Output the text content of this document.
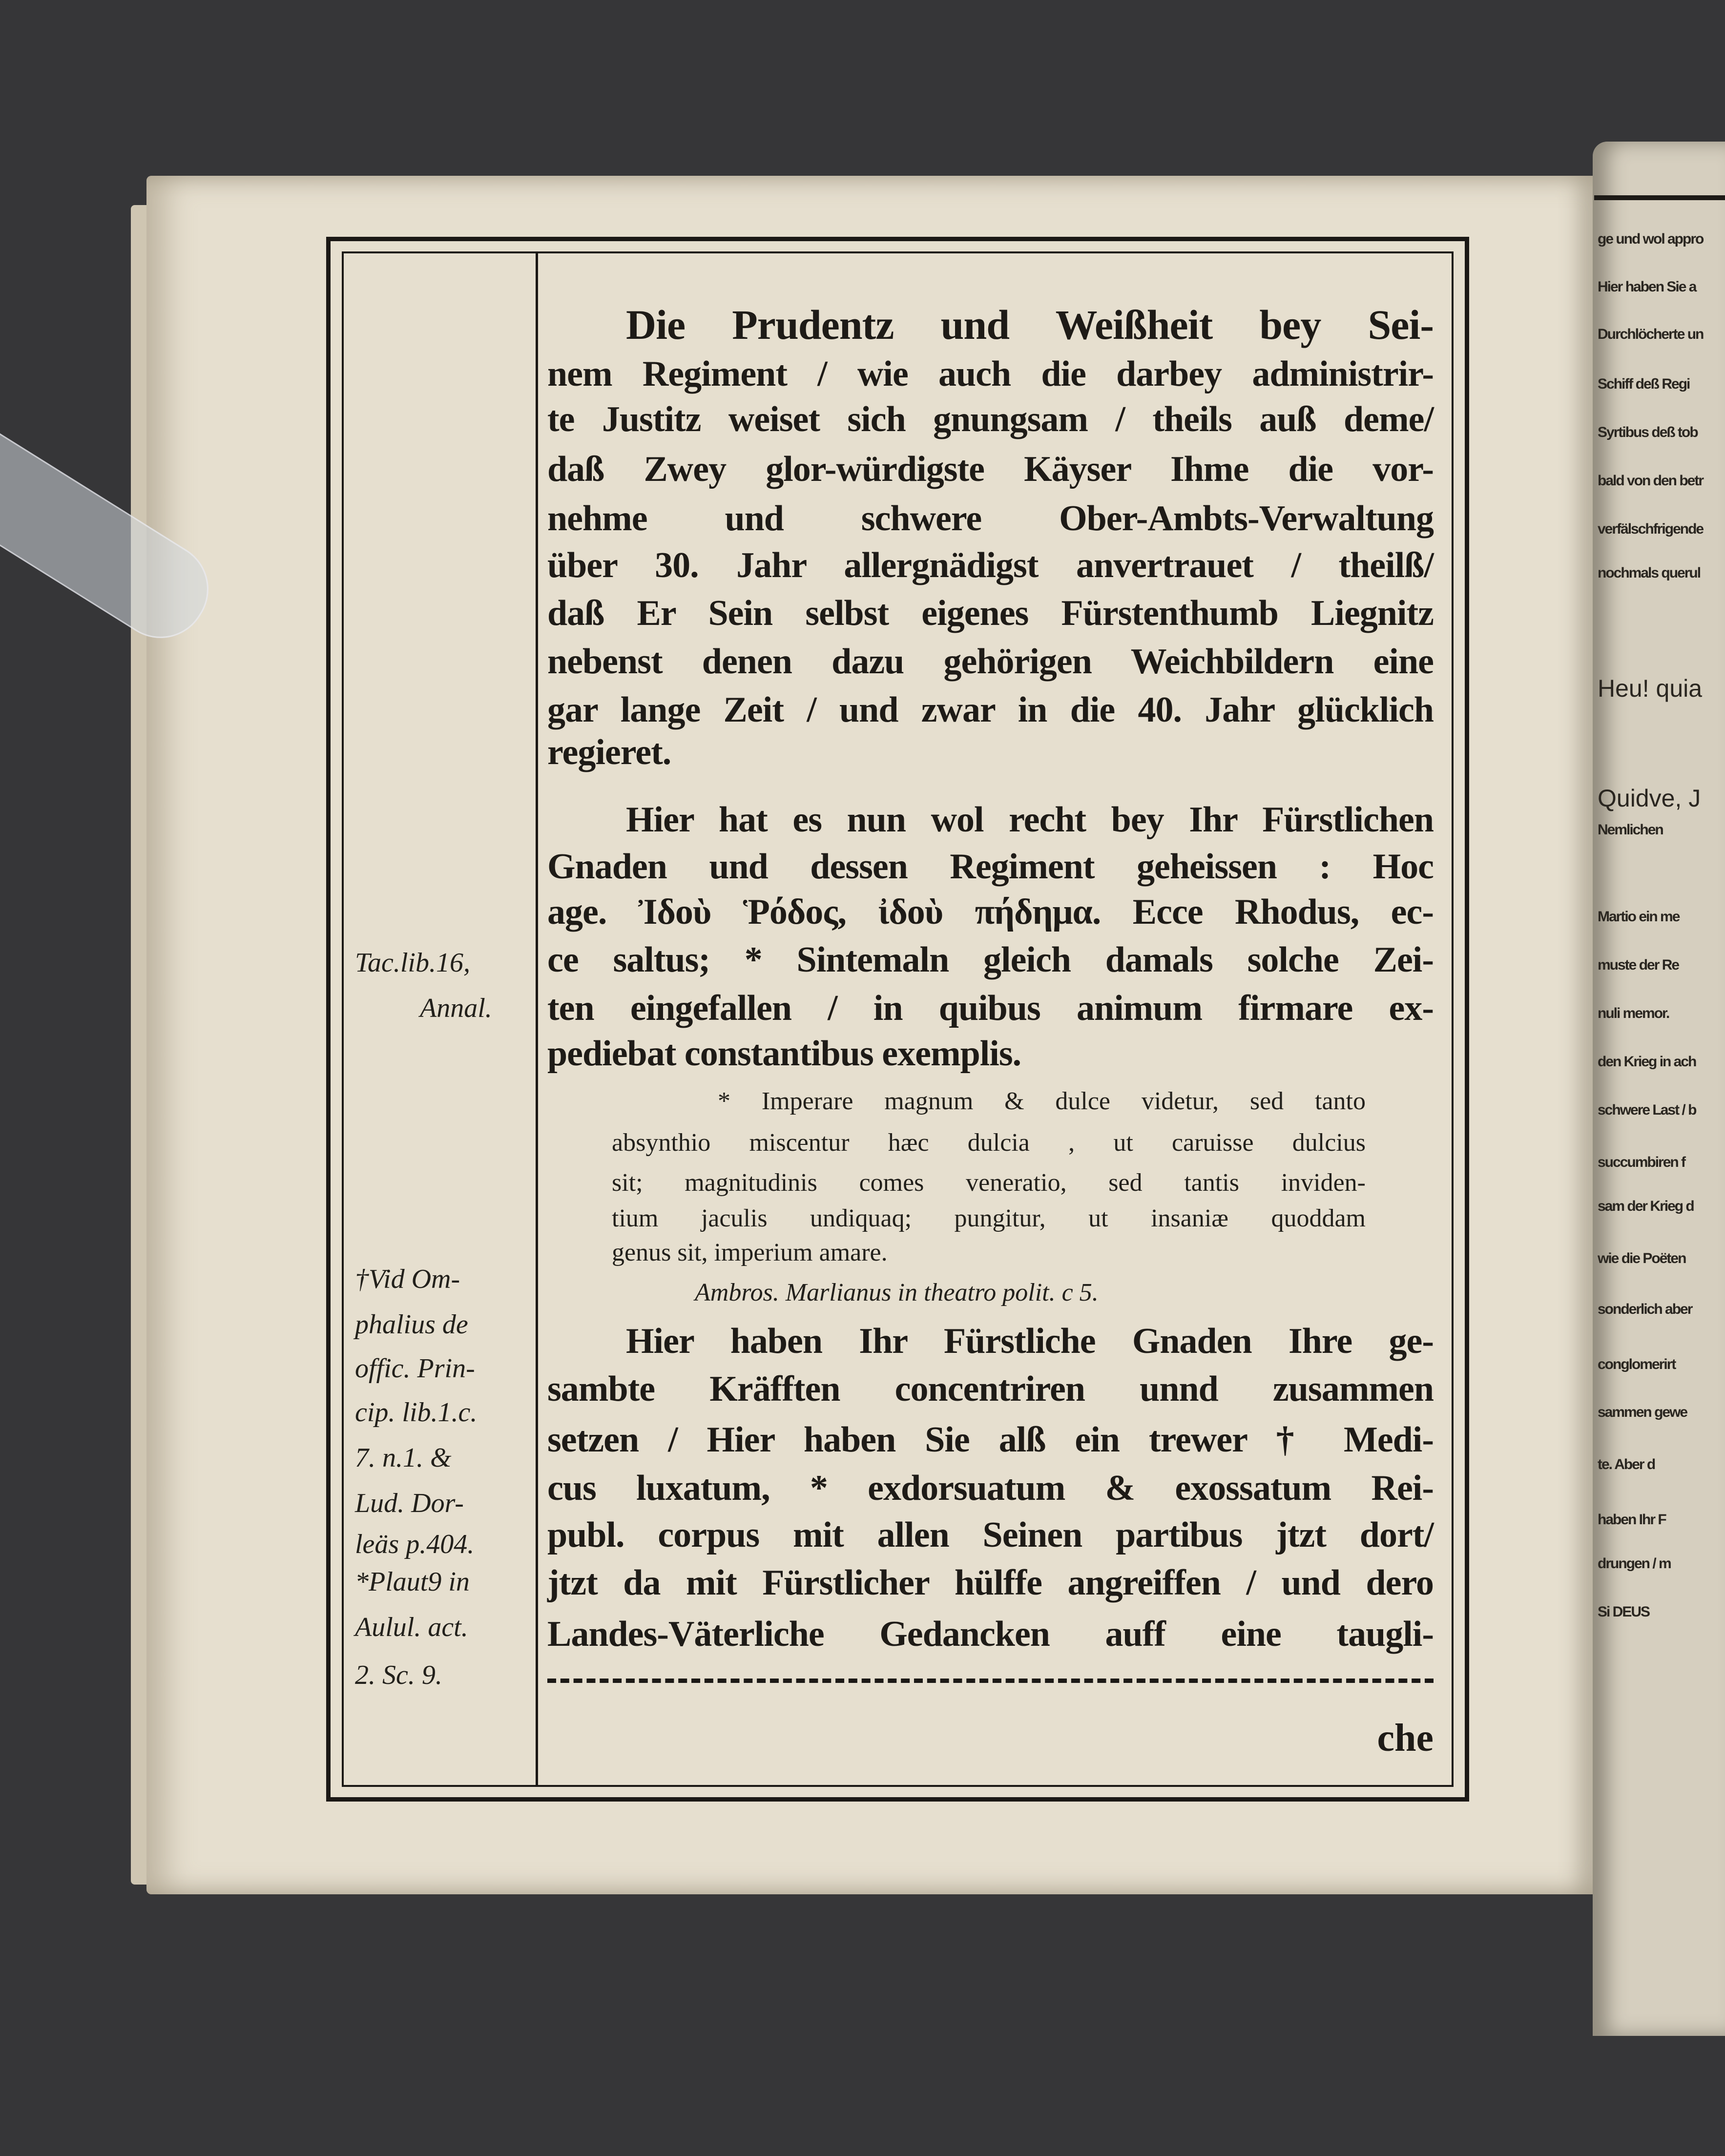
ge und wol appro
Hier haben Sie a
Durchlöcherte un
Schiff deß Regi
Syrtibus deß tob
bald von den betr
verfälschfrigende
nochmals querul
Heu! quia
Quidve, J
Nemlichen
Martio ein me
muste der Re
nuli memor.
den Krieg in ach
schwere Last / b
succumbiren f
sam der Krieg d
wie die Poëten
sonderlich aber
conglomerirt
sammen gewe
te. Aber d
haben Ihr F
drungen / m
Si DEUS
Die Prudentz und Weißheit bey Sei-
nem Regiment / wie auch die darbey administrir-
te Justitz weiset sich gnungsam / theils auß deme/
daß Zwey glor-würdigste Käyser Ihme die vor-
nehme und schwere Ober-Ambts-Verwaltung
über 30. Jahr allergnädigst anvertrauet / theilß/
daß Er Sein selbst eigenes Fürstenthumb Liegnitz
nebenst denen dazu gehörigen Weichbildern eine
gar lange Zeit / und zwar in die 40. Jahr glücklich
regieret.
Hier hat es nun wol recht bey Ihr Fürstlichen
Gnaden und dessen Regiment geheissen : Hoc
age. Ἰδοὺ Ῥόδος, ἰδοὺ πήδημα. Ecce Rhodus, ec-
ce saltus; * Sintemaln gleich damals solche Zei-
ten eingefallen / in quibus animum firmare ex-
pediebat constantibus exemplis.
* Imperare magnum & dulce videtur, sed tanto
absynthio miscentur hæc dulcia , ut caruisse dulcius
sit; magnitudinis comes veneratio, sed tantis inviden-
tium jaculis undiquaq; pungitur, ut insaniæ quoddam
genus sit, imperium amare.
Ambros. Marlianus in theatro polit. c 5.
Hier haben Ihr Fürstliche Gnaden Ihre ge-
sambte Kräfften concentriren unnd zusammen
setzen / Hier haben Sie alß ein trewer † Medi-
cus luxatum, * exdorsuatum & exossatum Rei-
publ. corpus mit allen Seinen partibus jtzt dort/
jtzt da mit Fürstlicher hülffe angreiffen / und dero
Landes-Väterliche Gedancken auff eine taugli-
che
Tac.lib.16,
Annal.
†Vid Om-
phalius de
offic. Prin-
cip. lib.1.c.
7. n.1. &
Lud. Dor-
leäs p.404.
*Plaut9 in
Aulul. act.
2. Sc. 9.
